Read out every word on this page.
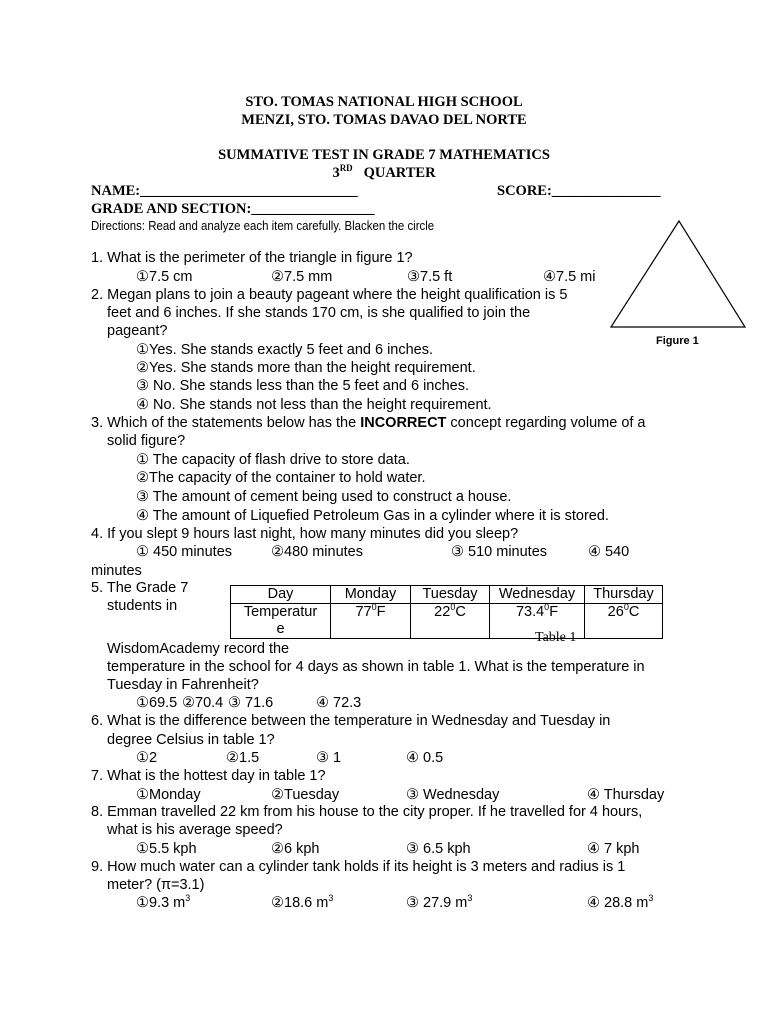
STO. TOMAS NATIONAL HIGH SCHOOL
MENZI, STO. TOMAS DAVAO DEL NORTE
SUMMATIVE TEST IN GRADE 7 MATHEMATICS
3RD QUARTER
NAME:______________________________	SCORE:_______________
GRADE AND SECTION:_________________
Directions: Read and analyze each item carefully. Blacken the circle
Figure 1
1. What is the perimeter of the triangle in figure 1?
①7.5 cm	②7.5 mm	③7.5 ft	④7.5 mi
2. Megan plans to join a beauty pageant where the height qualification is 5
feet and 6 inches. If she stands 170 cm, is she qualified to join the
pageant?
①Yes. She stands exactly 5 feet and 6 inches.
②Yes. She stands more than the height requirement.
③ No. She stands less than the 5 feet and 6 inches.
④ No. She stands not less than the height requirement.
3. Which of the statements below has the INCORRECT concept regarding volume of a
solid figure?
① The capacity of flash drive to store data.
②The capacity of the container to hold water.
③ The amount of cement being used to construct a house.
④ The amount of Liquefied Petroleum Gas in a cylinder where it is stored.
4. If you slept 9 hours last night, how many minutes did you sleep?
① 450 minutes	②480 minutes	③ 510 minutes	④ 540
minutes
5. The Grade 7
students in
Day	Monday	Tuesday	Wednesday	Thursday
Temperatur
e	$77^0F$	$22^0C$	73.4$^0$F	$26^0C$
Table 1
WisdomAcademy record the
temperature in the school for 4 days as shown in table 1. What is the temperature in
Tuesday in Fahrenheit?
①69.5 ②70.4 ③ 71.6	④ 72.3
6. What is the difference between the temperature in Wednesday and Tuesday in
degree Celsius in table 1?
①2	②1.5	③ 1	④ 0.5
7. What is the hottest day in table 1?
①Monday	②Tuesday	③ Wednesday	④ Thursday
8. Emman travelled 22 km from his house to the city proper. If he travelled for 4 hours,
what is his average speed?
①5.5 kph	②6 kph	③ 6.5 kph	④ 7 kph
9. How much water can a cylinder tank holds if its height is 3 meters and radius is 1
meter? (π=3.1)
①9.3 $m^3$	②18.6 $m^3$	③ 27.9 $m^3$	④ 28.8 $m^3$
